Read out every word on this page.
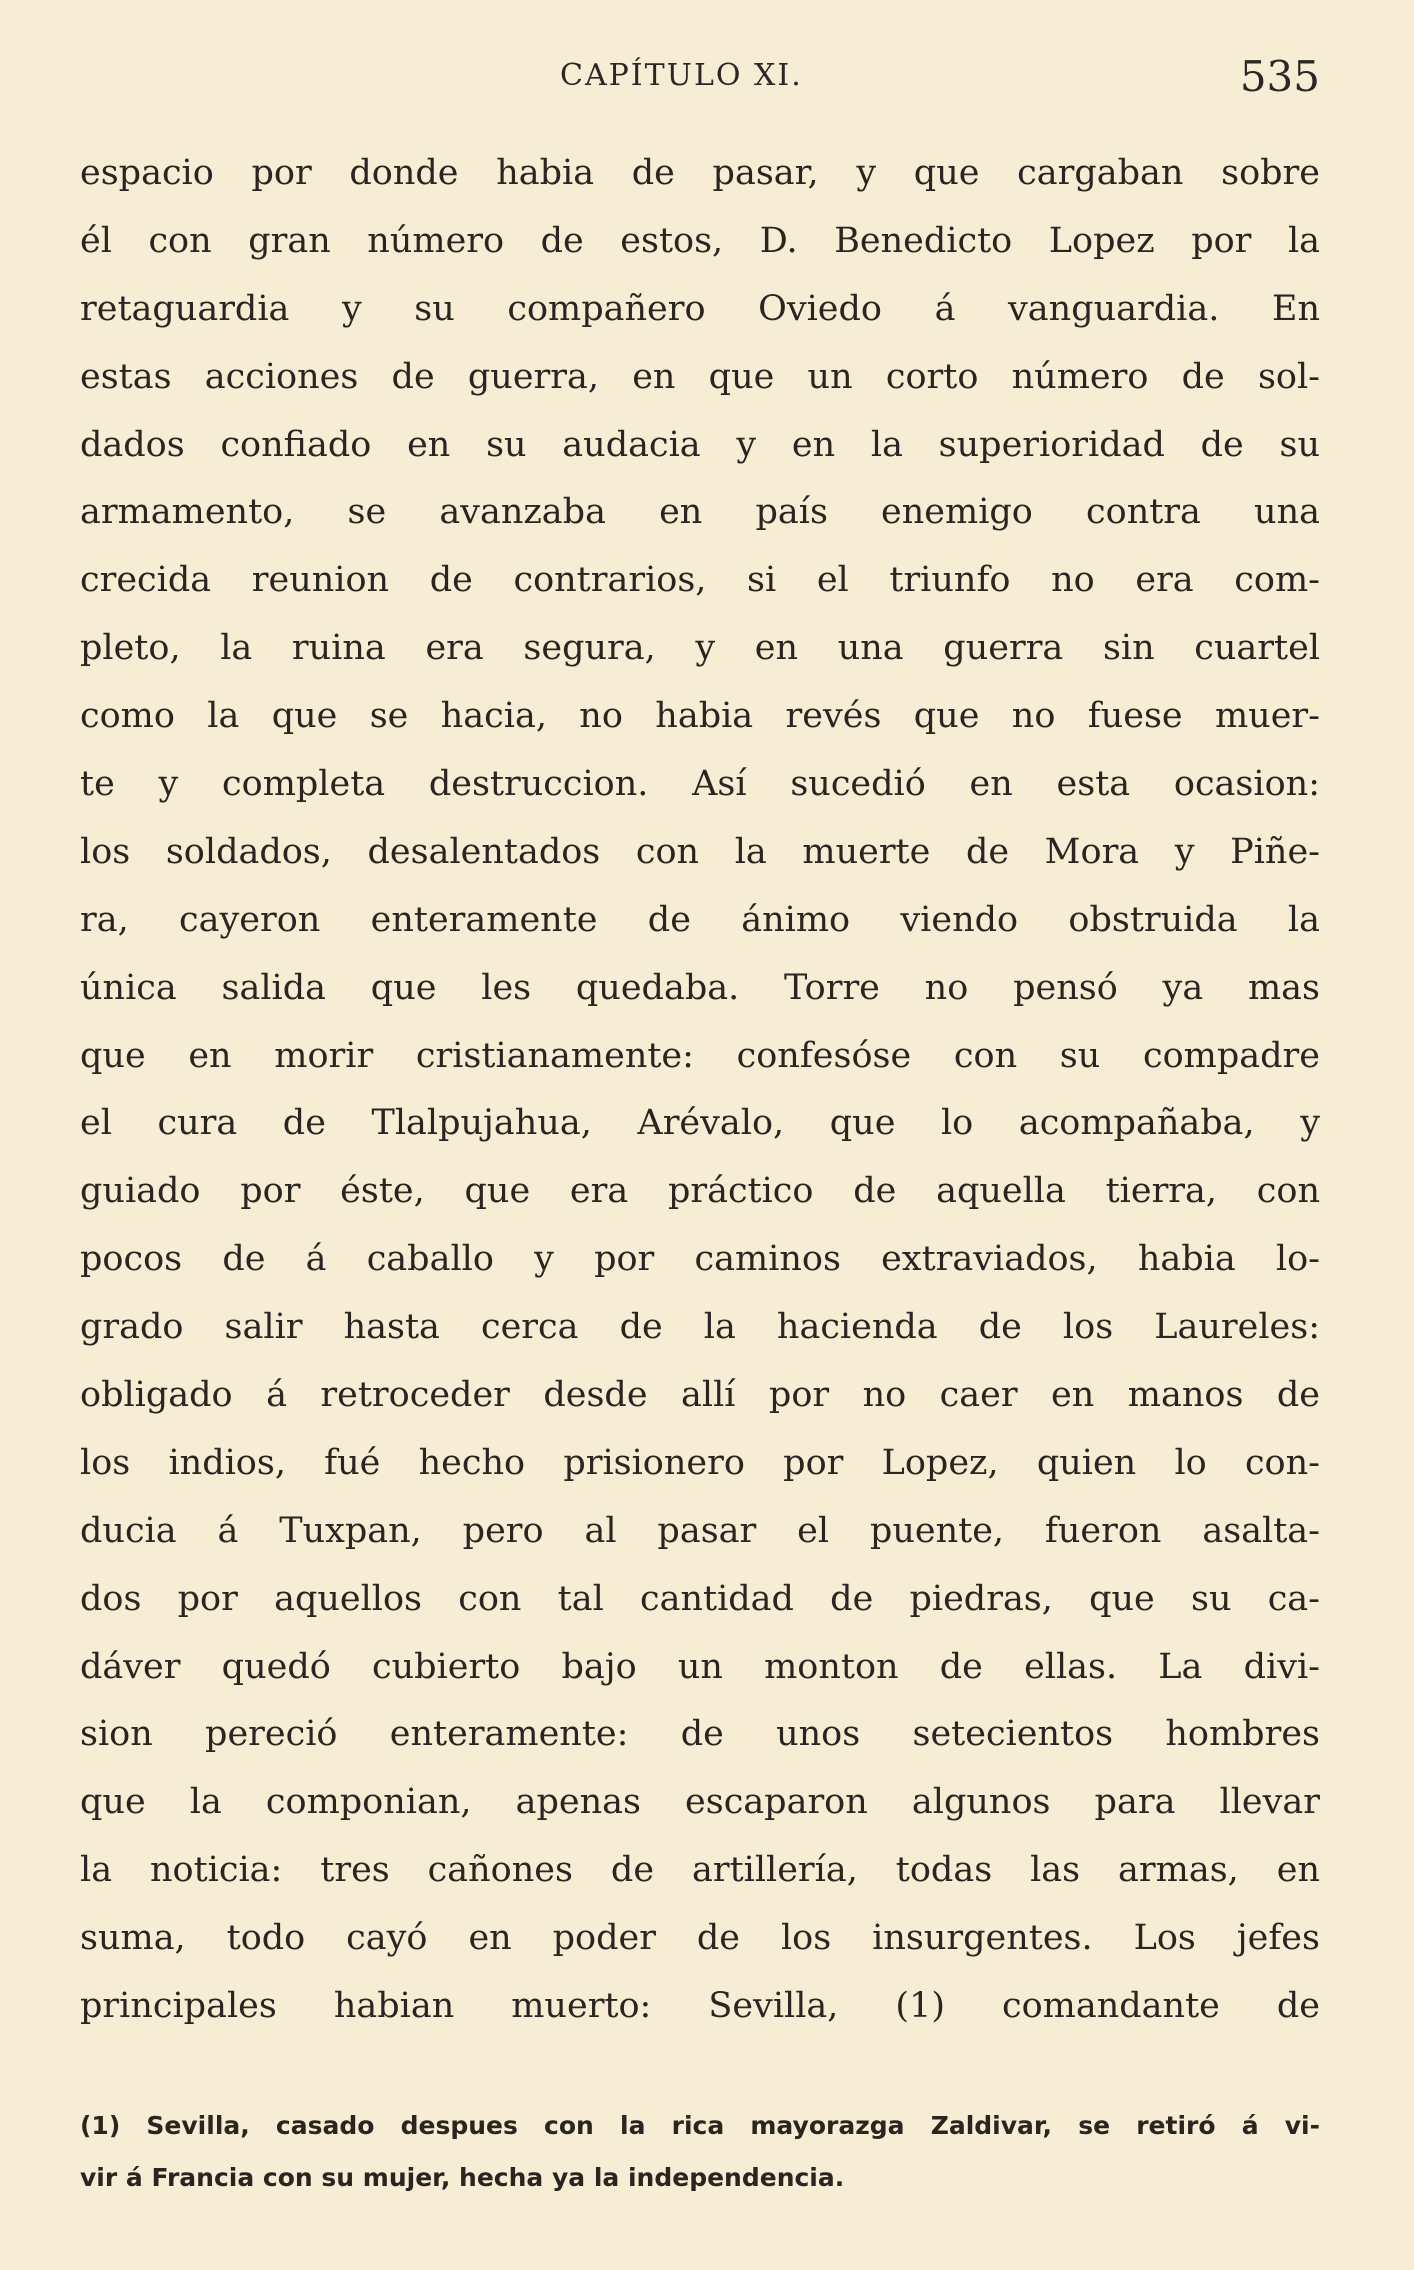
CAPÍTULO XI.	535
espacio por donde habia de pasar, y que cargaban sobre
él con gran número de estos, D. Benedicto Lopez por la
retaguardia y su compañero Oviedo á vanguardia. En
estas acciones de guerra, en que un corto número de sol-
dados confiado en su audacia y en la superioridad de su
armamento, se avanzaba en país enemigo contra una
crecida reunion de contrarios, si el triunfo no era com-
pleto, la ruina era segura, y en una guerra sin cuartel
como la que se hacia, no habia revés que no fuese muer-
te y completa destruccion. Así sucedió en esta ocasion:
los soldados, desalentados con la muerte de Mora y Piñe-
ra, cayeron enteramente de ánimo viendo obstruida la
única salida que les quedaba. Torre no pensó ya mas
que en morir cristianamente: confesóse con su compadre
el cura de Tlalpujahua, Arévalo, que lo acompañaba, y
guiado por éste, que era práctico de aquella tierra, con
pocos de á caballo y por caminos extraviados, habia lo-
grado salir hasta cerca de la hacienda de los Laureles:
obligado á retroceder desde allí por no caer en manos de
los indios, fué hecho prisionero por Lopez, quien lo con-
ducia á Tuxpan, pero al pasar el puente, fueron asalta-
dos por aquellos con tal cantidad de piedras, que su ca-
dáver quedó cubierto bajo un monton de ellas. La divi-
sion pereció enteramente: de unos setecientos hombres
que la componian, apenas escaparon algunos para llevar
la noticia: tres cañones de artillería, todas las armas, en
suma, todo cayó en poder de los insurgentes. Los jefes
principales habian muerto: Sevilla, (1) comandante de
(1) Sevilla, casado despues con la rica mayorazga Zaldivar, se retiró á vi-
vir á Francia con su mujer, hecha ya la independencia.
